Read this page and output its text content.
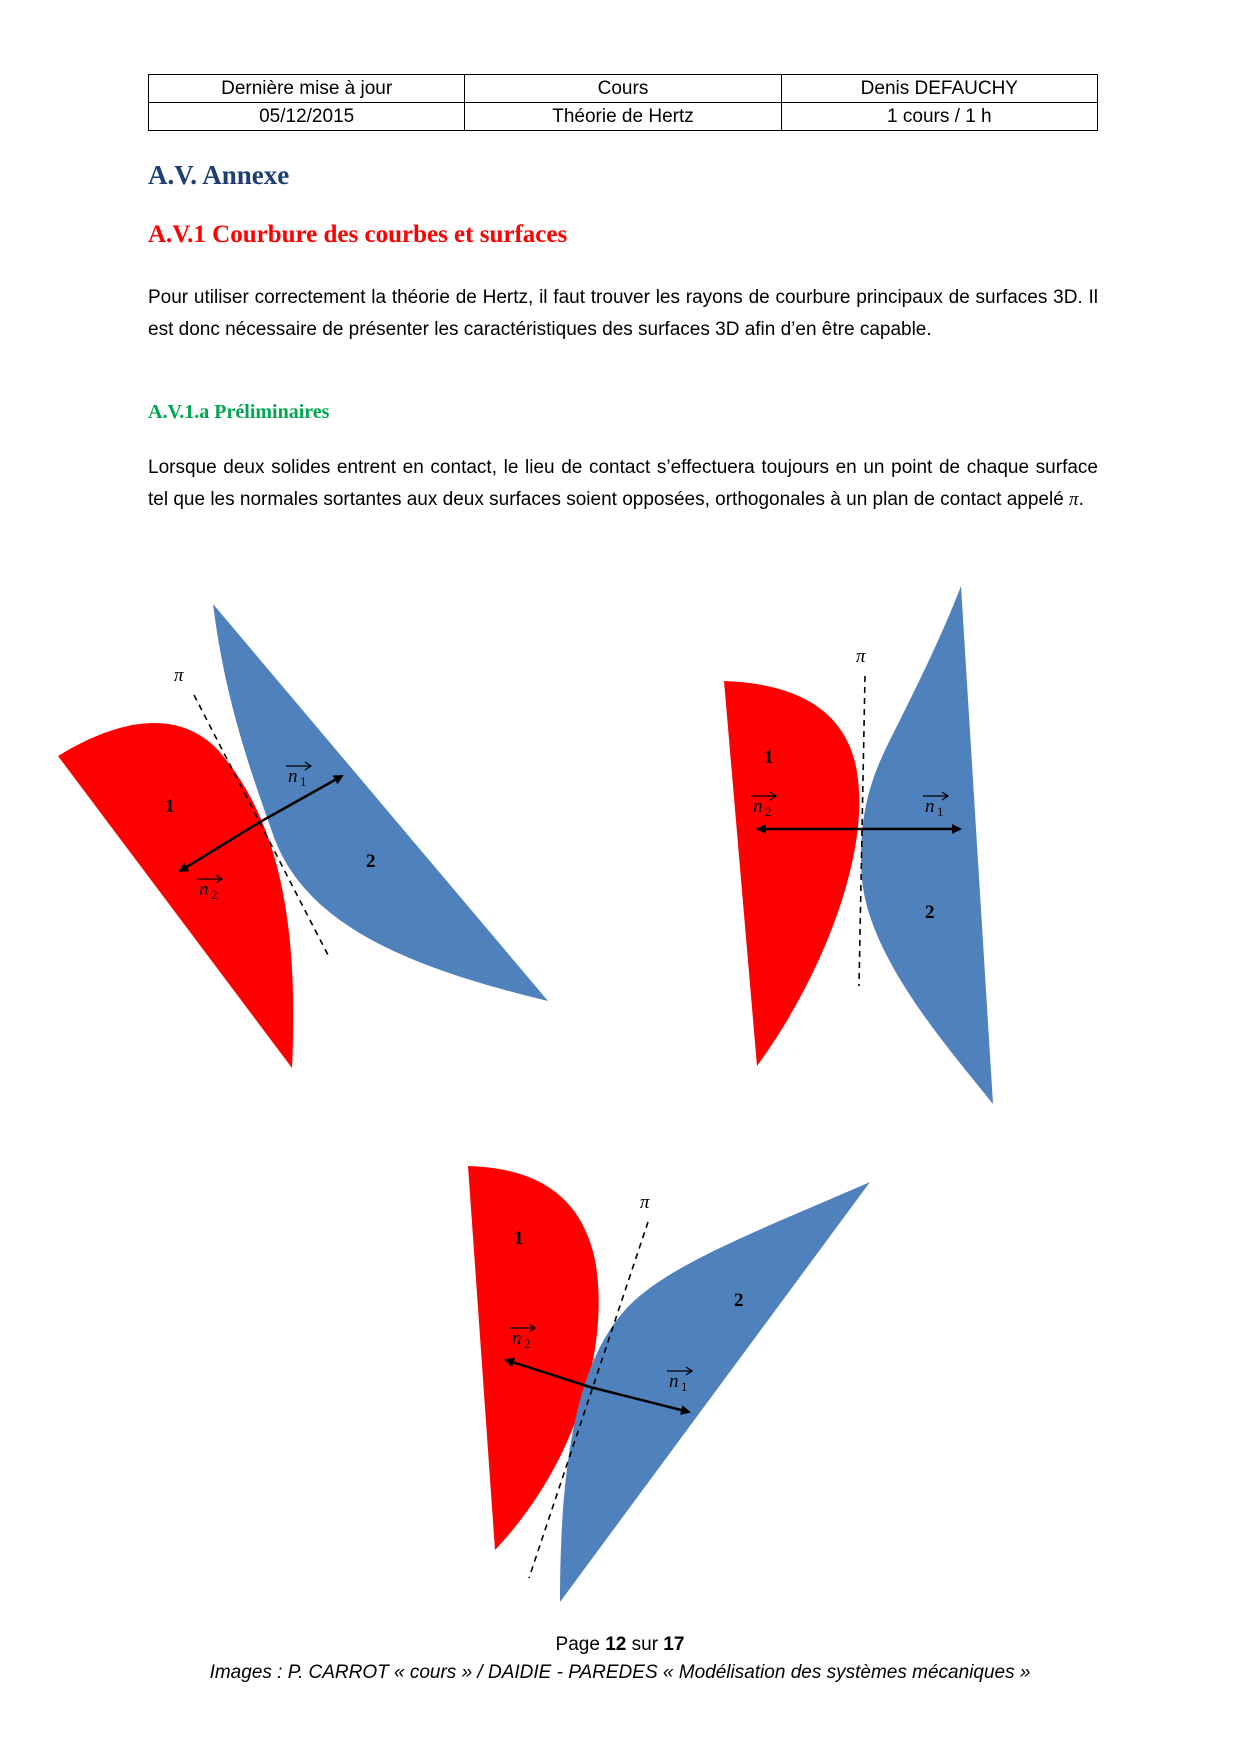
Dernière mise à jour	Cours	Denis DEFAUCHY
05/12/2015	Théorie de Hertz	1 cours / 1 h
A.V. Annexe
A.V.1 Courbure des courbes et surfaces

Pour utiliser correctement la théorie de Hertz, il faut trouver les rayons de courbure principaux de surfaces 3D. Il est donc nécessaire de présenter les caractéristiques des surfaces 3D afin d’en être capable.

A.V.1.a Préliminaires

Lorsque deux solides entrent en contact, le lieu de contact s’effectuera toujours en un point de chaque surface tel que les normales sortantes aux deux surfaces soient opposées, orthogonales à un plan de contact appelé π.

1
2
π
n 1
n 2
1
2
π
n 1
n 2
1
2
π
n 1
n 2
Page 12 sur 17
Images : P. CARROT « cours » / DAIDIE - PAREDES « Modélisation des systèmes mécaniques »
